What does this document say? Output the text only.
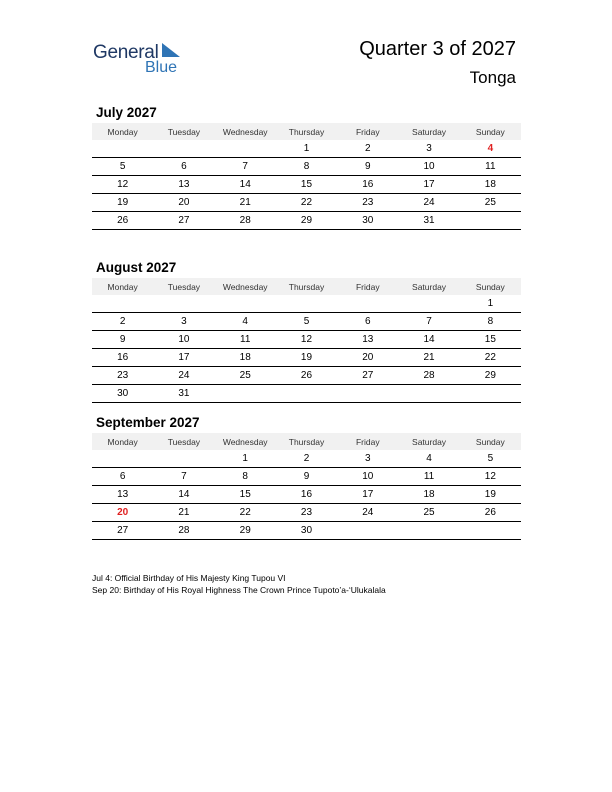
General
Blue
Quarter 3 of 2027
Tonga
July 2027
Monday	Tuesday	Wednesday	Thursday	Friday	Saturday	Sunday
			1	2	3	4
5	6	7	8	9	10	11
12	13	14	15	16	17	18
19	20	21	22	23	24	25
26	27	28	29	30	31	
August 2027
Monday	Tuesday	Wednesday	Thursday	Friday	Saturday	Sunday
						1
2	3	4	5	6	7	8
9	10	11	12	13	14	15
16	17	18	19	20	21	22
23	24	25	26	27	28	29
30	31					
September 2027
Monday	Tuesday	Wednesday	Thursday	Friday	Saturday	Sunday
		1	2	3	4	5
6	7	8	9	10	11	12
13	14	15	16	17	18	19
20	21	22	23	24	25	26
27	28	29	30			
Jul 4: Official Birthday of His Majesty King Tupou VI
Sep 20: Birthday of His Royal Highness The Crown Prince Tupoto’a-‘Ulukalala
